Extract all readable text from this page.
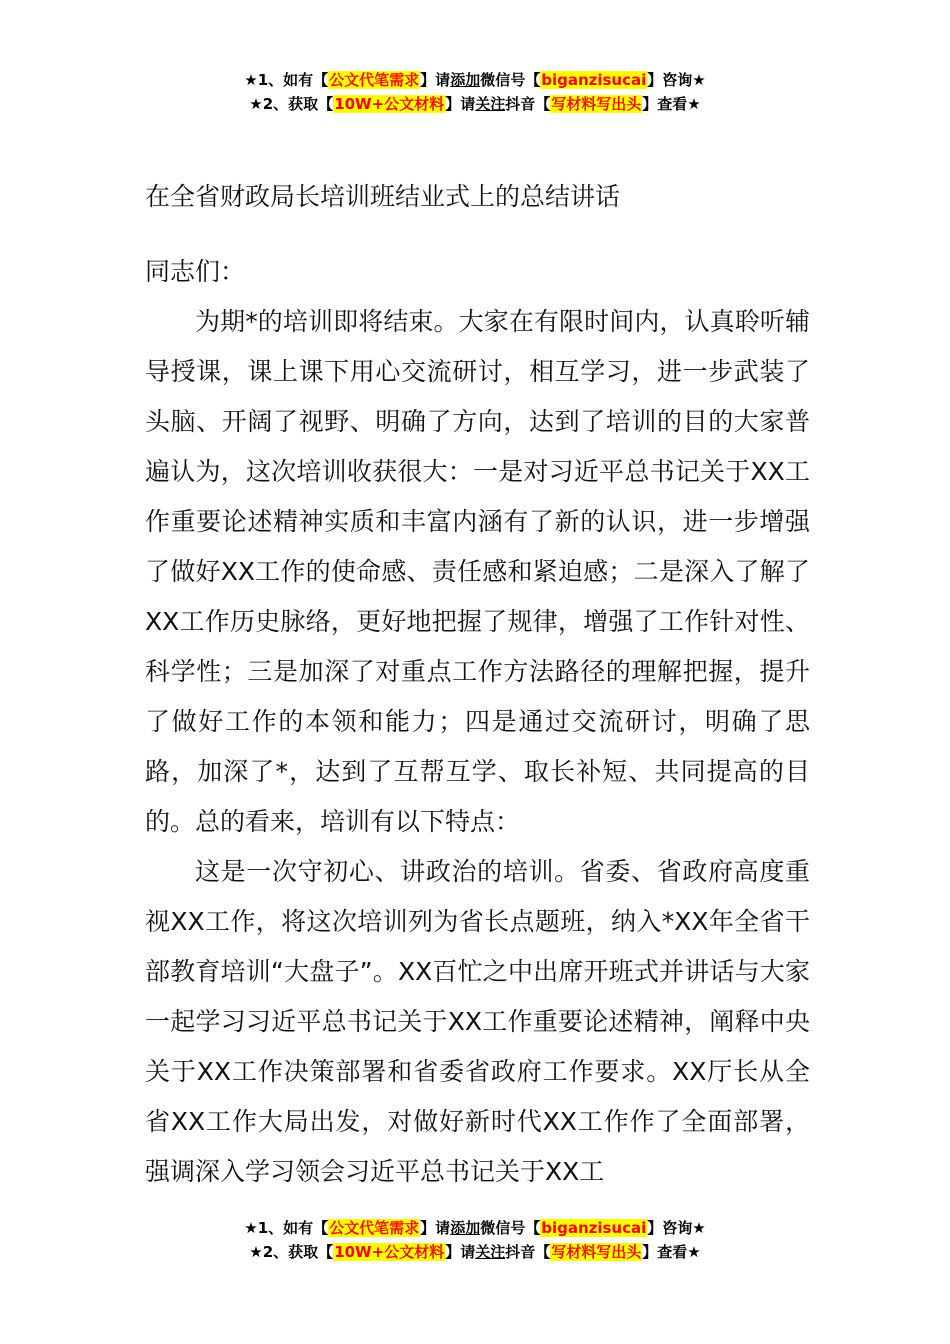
★1、如有【公文代笔需求】请添加微信号【biganzisucai】咨询★
★2、获取【10W+公文材料】请关注抖音【写材料写出头】查看★

在全省财政局长培训班结业式上的总结讲话

同志们：

为期*的培训即将结束。大家在有限时间内，认真聆听辅导授课，课上课下用心交流研讨，相互学习，进一步武装了头脑、开阔了视野、明确了方向，达到了培训的目的大家普遍认为，这次培训收获很大：一是对习近平总书记关于XX工作重要论述精神实质和丰富内涵有了新的认识，进一步增强了做好XX工作的使命感、责任感和紧迫感；二是深入了解了XX工作历史脉络，更好地把握了规律，增强了工作针对性、科学性；三是加深了对重点工作方法路径的理解把握，提升了做好工作的本领和能力；四是通过交流研讨，明确了思路，加深了*，达到了互帮互学、取长补短、共同提高的目的。总的看来，培训有以下特点：

这是一次守初心、讲政治的培训。省委、省政府高度重视XX工作，将这次培训列为省长点题班，纳入*XX年全省干部教育培训“大盘子”。XX百忙之中出席开班式并讲话与大家一起学习习近平总书记关于XX工作重要论述精神，阐释中央关于XX工作决策部署和省委省政府工作要求。XX厅长从全省XX工作大局出发，对做好新时代XX工作作了全面部署，强调深入学习领会习近平总书记关于XX工

★1、如有【公文代笔需求】请添加微信号【biganzisucai】咨询★
★2、获取【10W+公文材料】请关注抖音【写材料写出头】查看★
